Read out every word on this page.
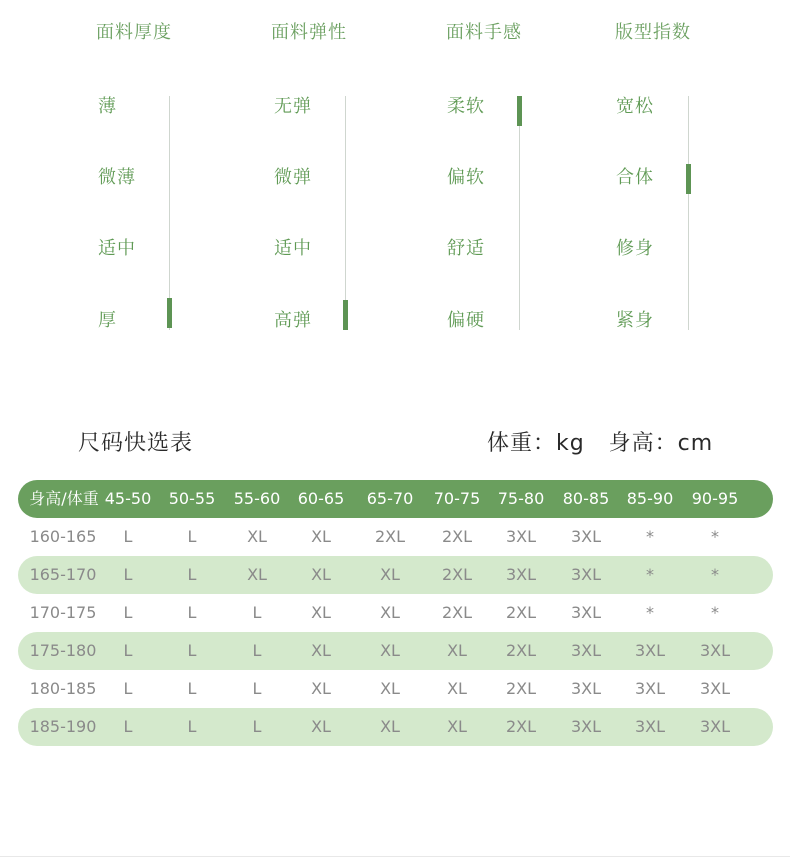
面料厚度
薄
微薄
适中
厚
面料弹性
无弹
微弹
适中
高弹
面料手感
柔软
偏软
舒适
偏硬
版型指数
宽松
合体
修身
紧身
尺码快选表	体重：kg   身高：cm
身高/体重 45-50	50-55	55-60	60-65	65-70	70-75	75-80	80-85	85-90	90-95
160-165	L	L	XL	XL	2XL	2XL	3XL	3XL	*	*
165-170	L	L	XL	XL	XL	2XL	3XL	3XL	*	*
170-175	L	L	L	XL	XL	2XL	2XL	3XL	*	*
175-180	L	L	L	XL	XL	XL	2XL	3XL	3XL	3XL
180-185	L	L	L	XL	XL	XL	2XL	3XL	3XL	3XL
185-190	L	L	L	XL	XL	XL	2XL	3XL	3XL	3XL
